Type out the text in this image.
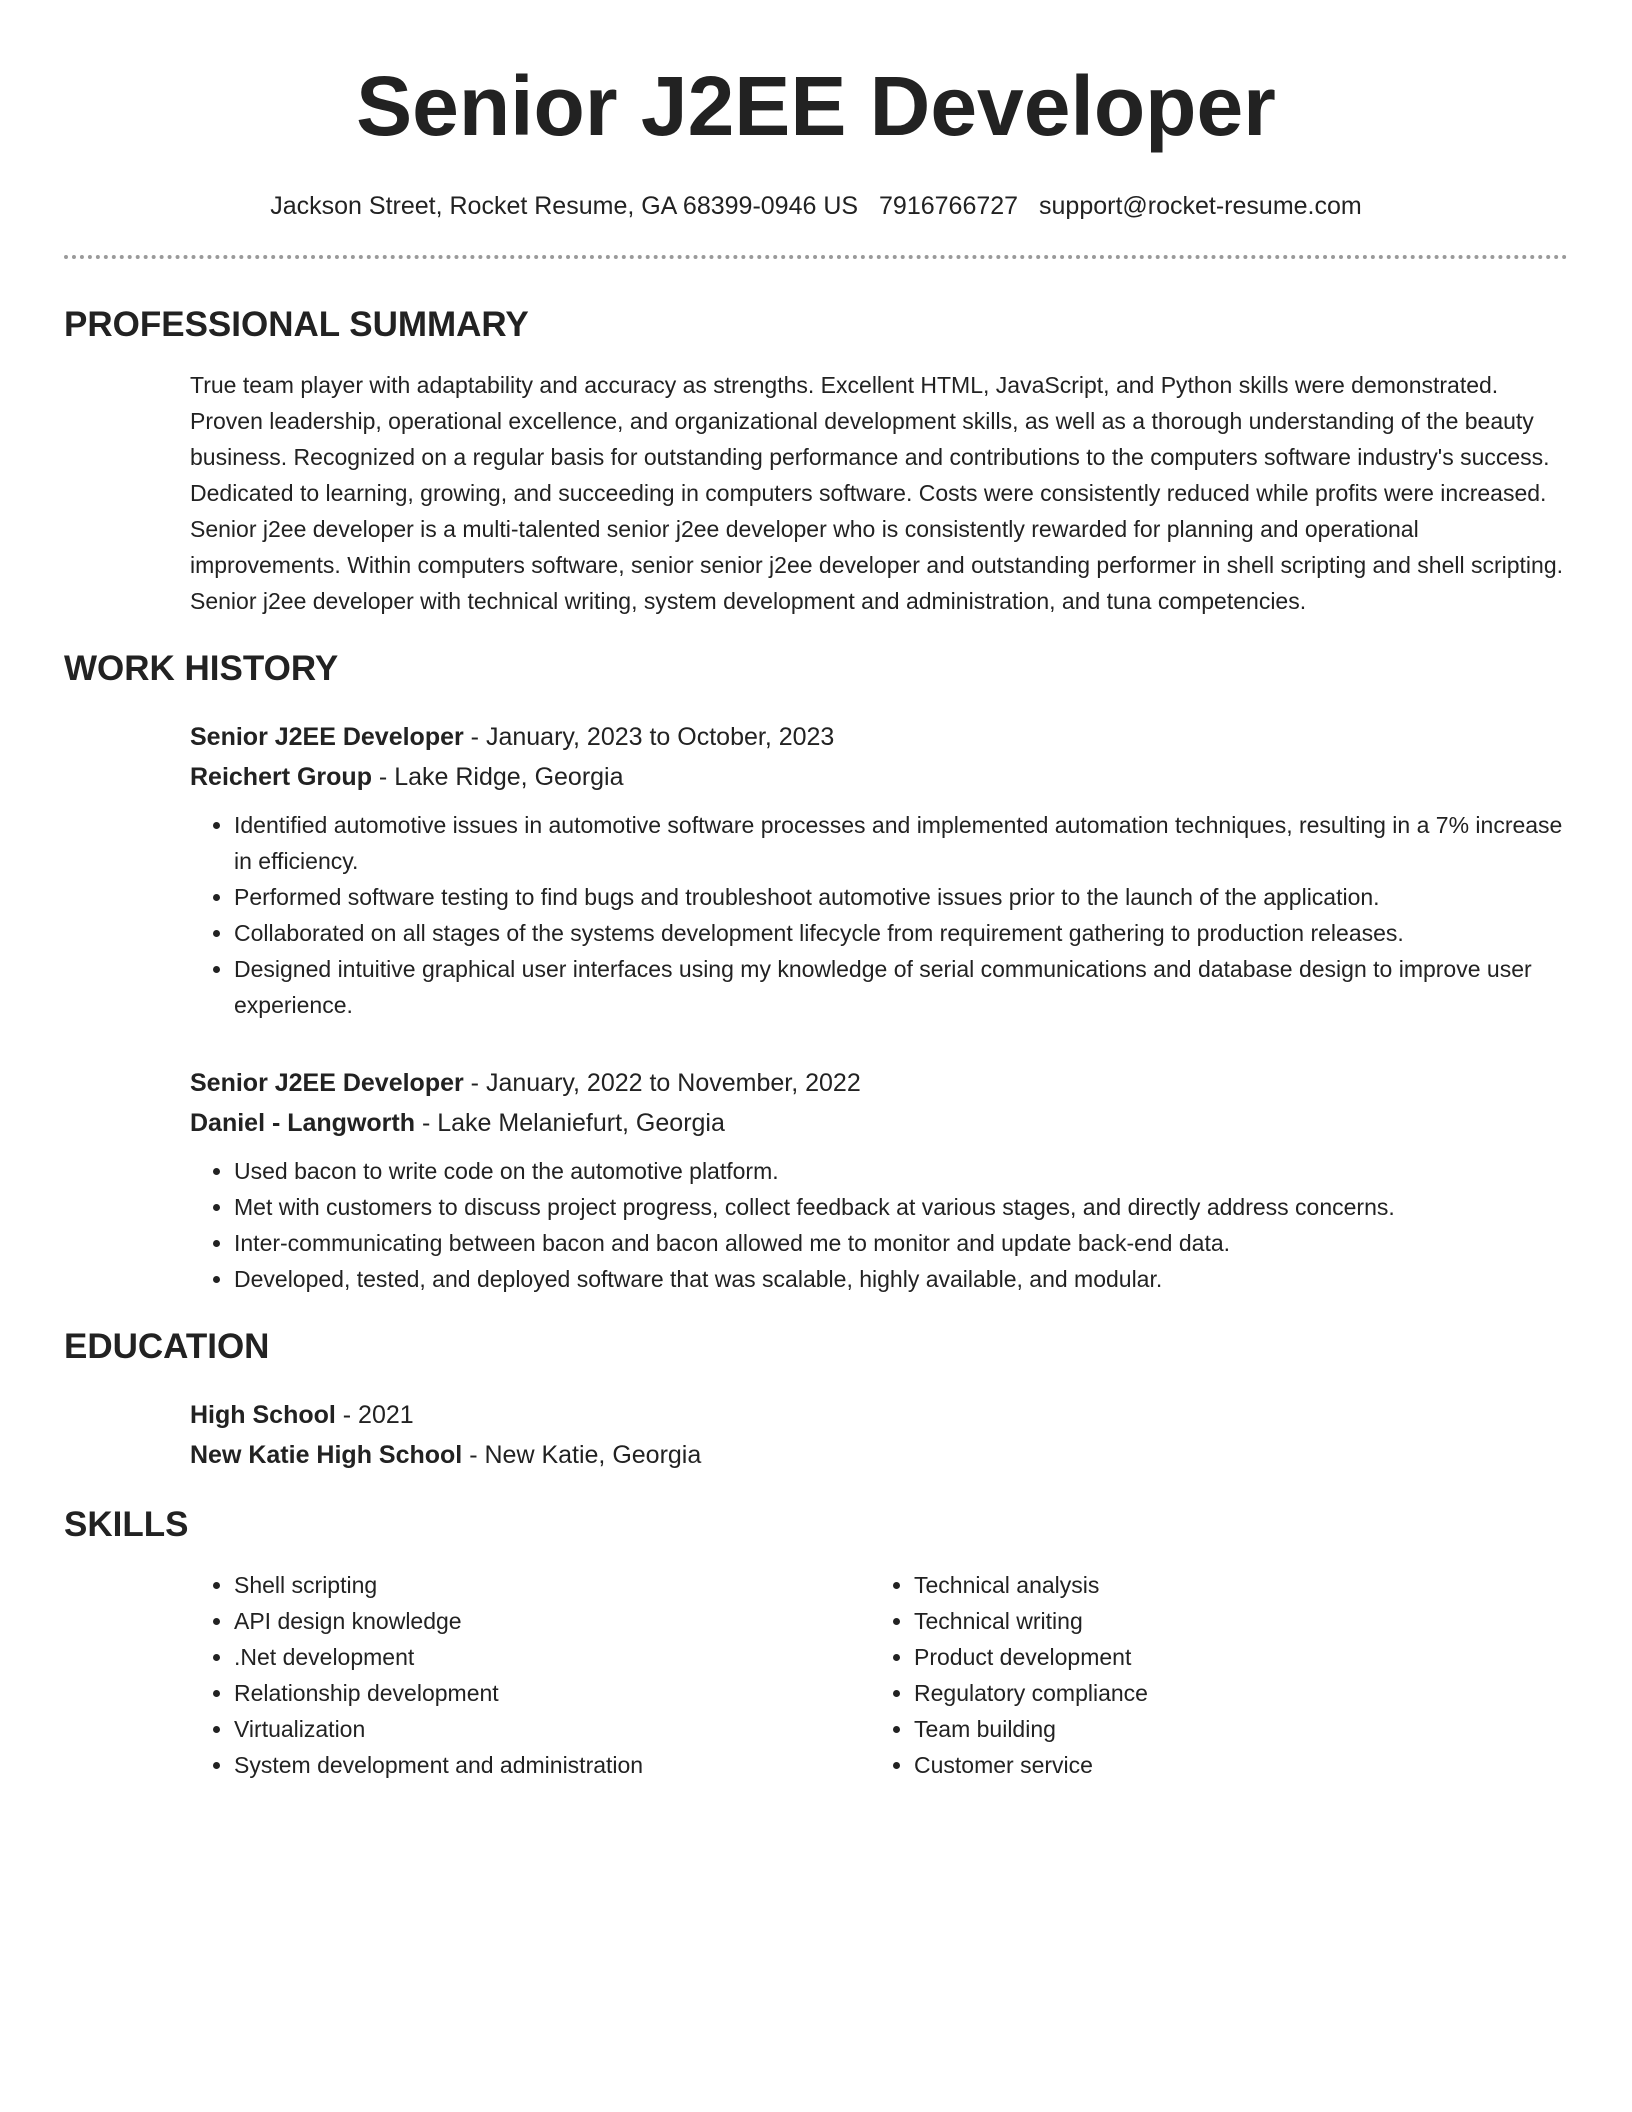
Senior J2EE Developer
Jackson Street, Rocket Resume, GA 68399-0946 US 7916766727 support@rocket-resume.com
PROFESSIONAL SUMMARY

True team player with adaptability and accuracy as strengths. Excellent HTML, JavaScript, and Python skills were demonstrated. Proven leadership, operational excellence, and organizational development skills, as well as a thorough understanding of the beauty business. Recognized on a regular basis for outstanding performance and contributions to the computers software industry's success. Dedicated to learning, growing, and succeeding in computers software. Costs were consistently reduced while profits were increased. Senior j2ee developer is a multi-talented senior j2ee developer who is consistently rewarded for planning and operational improvements. Within computers software, senior senior j2ee developer and outstanding performer in shell scripting and shell scripting. Senior j2ee developer with technical writing, system development and administration, and tuna competencies.

WORK HISTORY
Senior J2EE Developer - January, 2023 to October, 2023
Reichert Group - Lake Ridge, Georgia
• Identified automotive issues in automotive software processes and implemented automation techniques, resulting in a 7% increase in efficiency.
• Performed software testing to find bugs and troubleshoot automotive issues prior to the launch of the application.
• Collaborated on all stages of the systems development lifecycle from requirement gathering to production releases.
• Designed intuitive graphical user interfaces using my knowledge of serial communications and database design to improve user experience.
Senior J2EE Developer - January, 2022 to November, 2022
Daniel - Langworth - Lake Melaniefurt, Georgia
• Used bacon to write code on the automotive platform.
• Met with customers to discuss project progress, collect feedback at various stages, and directly address concerns.
• Inter-communicating between bacon and bacon allowed me to monitor and update back-end data.
• Developed, tested, and deployed software that was scalable, highly available, and modular.
EDUCATION
High School - 2021
New Katie High School - New Katie, Georgia
SKILLS
• Shell scripting
• API design knowledge
• .Net development
• Relationship development
• Virtualization
• System development and administration
• Technical analysis
• Technical writing
• Product development
• Regulatory compliance
• Team building
• Customer service
